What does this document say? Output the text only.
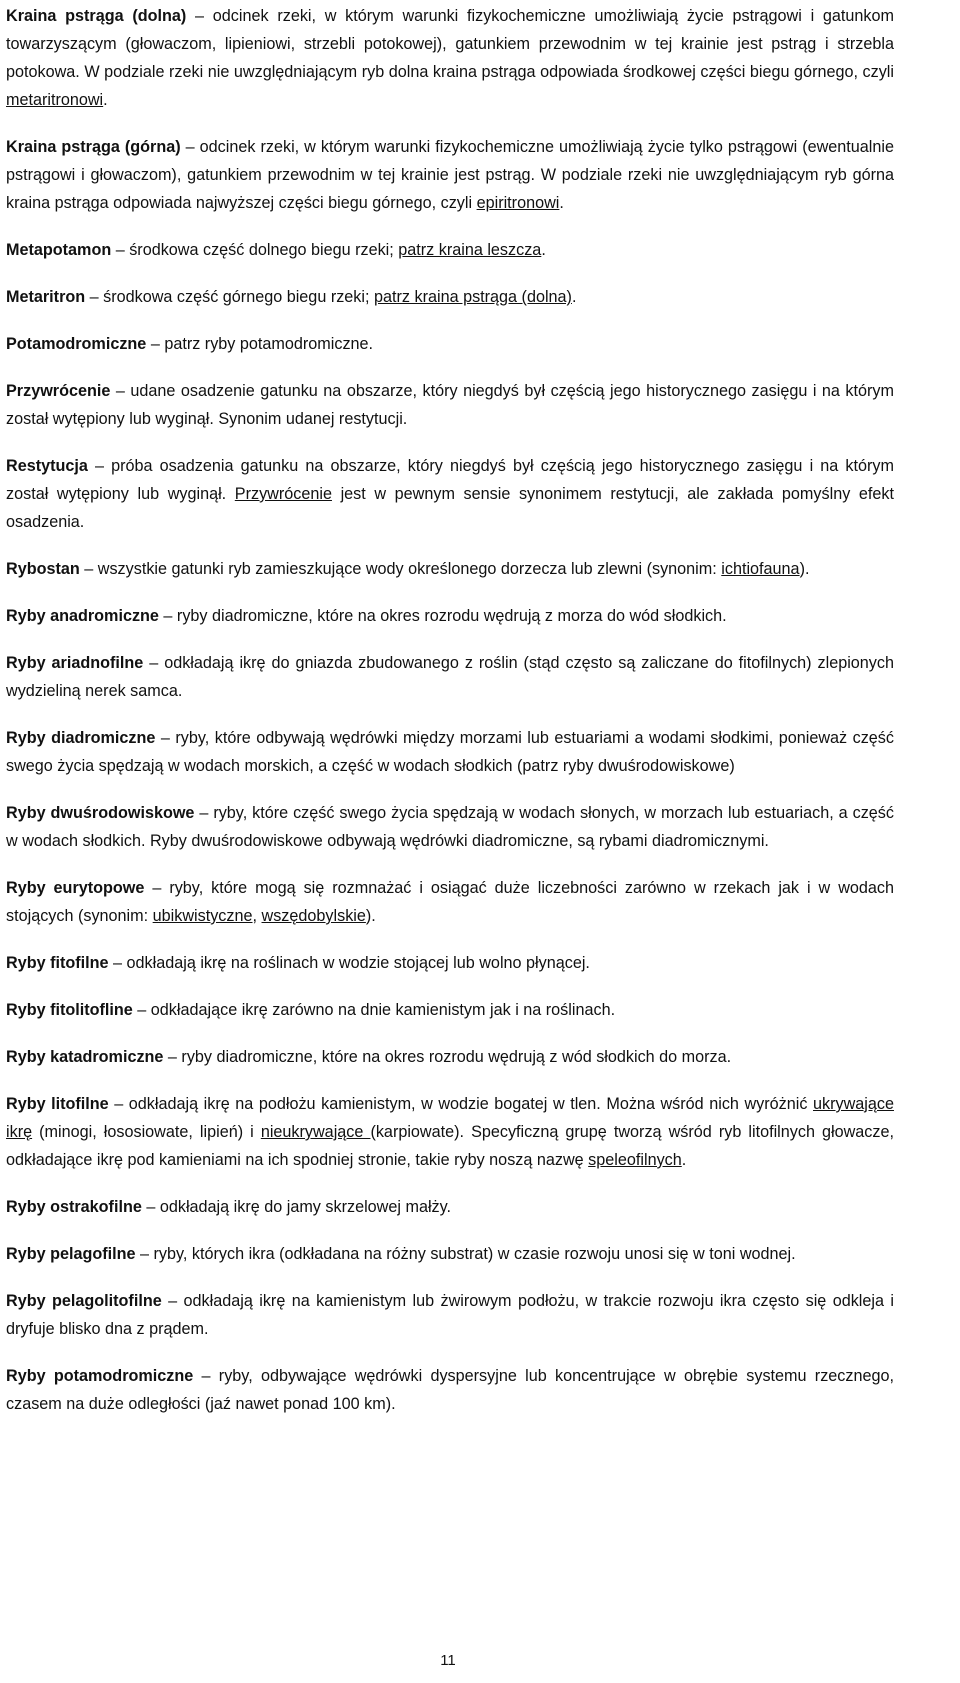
Kraina pstrąga (dolna) – odcinek rzeki, w którym warunki fizykochemiczne umożliwiają życie pstrągowi i gatunkom towarzyszącym (głowaczom, lipieniowi, strzebli potokowej), gatunkiem przewodnim w tej krainie jest pstrąg i strzebla potokowa. W podziale rzeki nie uwzględniającym ryb dolna kraina pstrąga odpowiada środkowej części biegu górnego, czyli metaritronowi.

Kraina pstrąga (górna) – odcinek rzeki, w którym warunki fizykochemiczne umożliwiają życie tylko pstrągowi (ewentualnie pstrągowi i głowaczom), gatunkiem przewodnim w tej krainie jest pstrąg. W podziale rzeki nie uwzględniającym ryb górna kraina pstrąga odpowiada najwyższej części biegu górnego, czyli epiritronowi.

Metapotamon – środkowa część dolnego biegu rzeki; patrz kraina leszcza.

Metaritron – środkowa część górnego biegu rzeki; patrz kraina pstrąga (dolna).

Potamodromiczne – patrz ryby potamodromiczne.

Przywrócenie – udane osadzenie gatunku na obszarze, który niegdyś był częścią jego historycznego zasięgu i na którym został wytępiony lub wyginął. Synonim udanej restytucji.

Restytucja – próba osadzenia gatunku na obszarze, który niegdyś był częścią jego historycznego zasięgu i na którym został wytępiony lub wyginął. Przywrócenie jest w pewnym sensie synonimem restytucji, ale zakłada pomyślny efekt osadzenia.

Rybostan – wszystkie gatunki ryb zamieszkujące wody określonego dorzecza lub zlewni (synonim: ichtiofauna).

Ryby anadromiczne – ryby diadromiczne, które na okres rozrodu wędrują z morza do wód słodkich.

Ryby ariadnofilne – odkładają ikrę do gniazda zbudowanego z roślin (stąd często są zaliczane do fitofilnych) zlepionych wydzieliną nerek samca.

Ryby diadromiczne – ryby, które odbywają wędrówki między morzami lub estuariami a wodami słodkimi, ponieważ część swego życia spędzają w wodach morskich, a część w wodach słodkich (patrz ryby dwuśrodowiskowe)

Ryby dwuśrodowiskowe – ryby, które część swego życia spędzają w wodach słonych, w morzach lub estuariach, a część w wodach słodkich. Ryby dwuśrodowiskowe odbywają wędrówki diadromiczne, są rybami diadromicznymi.

Ryby eurytopowe – ryby, które mogą się rozmnażać i osiągać duże liczebności zarówno w rzekach jak i w wodach stojących (synonim: ubikwistyczne, wszędobylskie).

Ryby fitofilne – odkładają ikrę na roślinach w wodzie stojącej lub wolno płynącej.

Ryby fitolitofline – odkładające ikrę zarówno na dnie kamienistym jak i na roślinach.

Ryby katadromiczne – ryby diadromiczne, które na okres rozrodu wędrują z wód słodkich do morza.

Ryby litofilne – odkładają ikrę na podłożu kamienistym, w wodzie bogatej w tlen. Można wśród nich wyróżnić ukrywające ikrę (minogi, łososiowate, lipień) i nieukrywające (karpiowate). Specyficzną grupę tworzą wśród ryb litofilnych głowacze, odkładające ikrę pod kamieniami na ich spodniej stronie, takie ryby noszą nazwę speleofilnych.

Ryby ostrakofilne – odkładają ikrę do jamy skrzelowej małży.

Ryby pelagofilne – ryby, których ikra (odkładana na różny substrat) w czasie rozwoju unosi się w toni wodnej.

Ryby pelagolitofilne – odkładają ikrę na kamienistym lub żwirowym podłożu, w trakcie rozwoju ikra często się odkleja i dryfuje blisko dna z prądem.

Ryby potamodromiczne – ryby, odbywające wędrówki dyspersyjne lub koncentrujące w obrębie systemu rzecznego, czasem na duże odległości (jaź nawet ponad 100 km).

11
